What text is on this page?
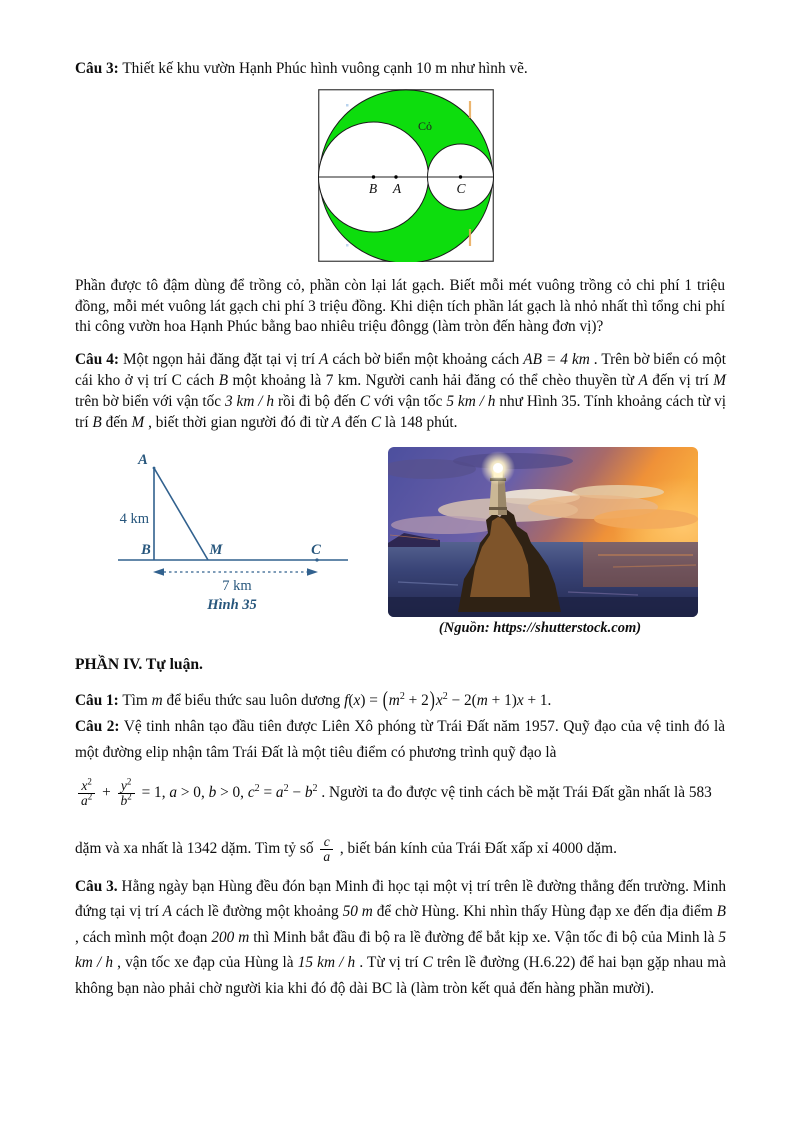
Câu 3: Thiết kế khu vườn Hạnh Phúc hình vuông cạnh 10 m như hình vẽ.

Cỏ
B A	C

Phần được tô đậm dùng để trồng cỏ, phần còn lại lát gạch. Biết mỗi mét vuông trồng cỏ chi phí 1 triệu đồng, mỗi mét vuông lát gạch chi phí 3 triệu đồng. Khi diện tích phần lát gạch là nhỏ nhất thì tổng chi phí thi công vườn hoa Hạnh Phúc bằng bao nhiêu triệu đôngg (làm tròn đến hàng đơn vị)?

Câu 4: Một ngọn hải đăng đặt tại vị trí A cách bờ biển một khoảng cách AB = 4 km . Trên bờ biển có một cái kho ở vị trí C cách B một khoảng là 7 km. Người canh hải đăng có thể chèo thuyền từ A đến vị trí M trên bờ biển với vận tốc 3 km / h rồi đi bộ đến C với vận tốc 5 km / h như Hình 35. Tính khoảng cách từ vị trí B đến M , biết thời gian người đó đi từ A đến C là 148 phút.

A
B	M	C
4 km
7 km
Hình 35

(Nguồn: https://shutterstock.com)

PHẦN IV. Tự luận.

Câu 1: Tìm m để biểu thức sau luôn dương $f(x) = (m^2 + 2)x^2 - 2(m + 1)x + 1$.

Câu 2: Vệ tinh nhân tạo đầu tiên được Liên Xô phóng từ Trái Đất năm 1957. Quỹ đạo của vệ tinh đó là một đường elip nhận tâm Trái Đất là một tiêu điểm có phương trình quỹ đạo là

$\frac{x^2}{a^2} + \frac{y^2}{b^2} = 1$, a > 0, b > 0, $c^2 = a^2 - b^2$ . Người ta đo được vệ tinh cách bề mặt Trái Đất gần nhất là 583

dặm và xa nhất là 1342 dặm. Tìm tỷ số $\frac{c}{a}$ , biết bán kính của Trái Đất xấp xỉ 4000 dặm.

Câu 3. Hằng ngày bạn Hùng đều đón bạn Minh đi học tại một vị trí trên lề đường thẳng đến trường. Minh đứng tại vị trí A cách lề đường một khoảng 50 m để chờ Hùng. Khi nhìn thấy Hùng đạp xe đến địa điểm B , cách mình một đoạn 200 m thì Minh bắt đầu đi bộ ra lề đường để bắt kịp xe. Vận tốc đi bộ của Minh là 5 km / h , vận tốc xe đạp của Hùng là 15 km / h . Từ vị trí C trên lề đường (H.6.22) để hai bạn gặp nhau mà không bạn nào phải chờ người kia khi đó độ dài BC là (làm tròn kết quả đến hàng phần mười).
